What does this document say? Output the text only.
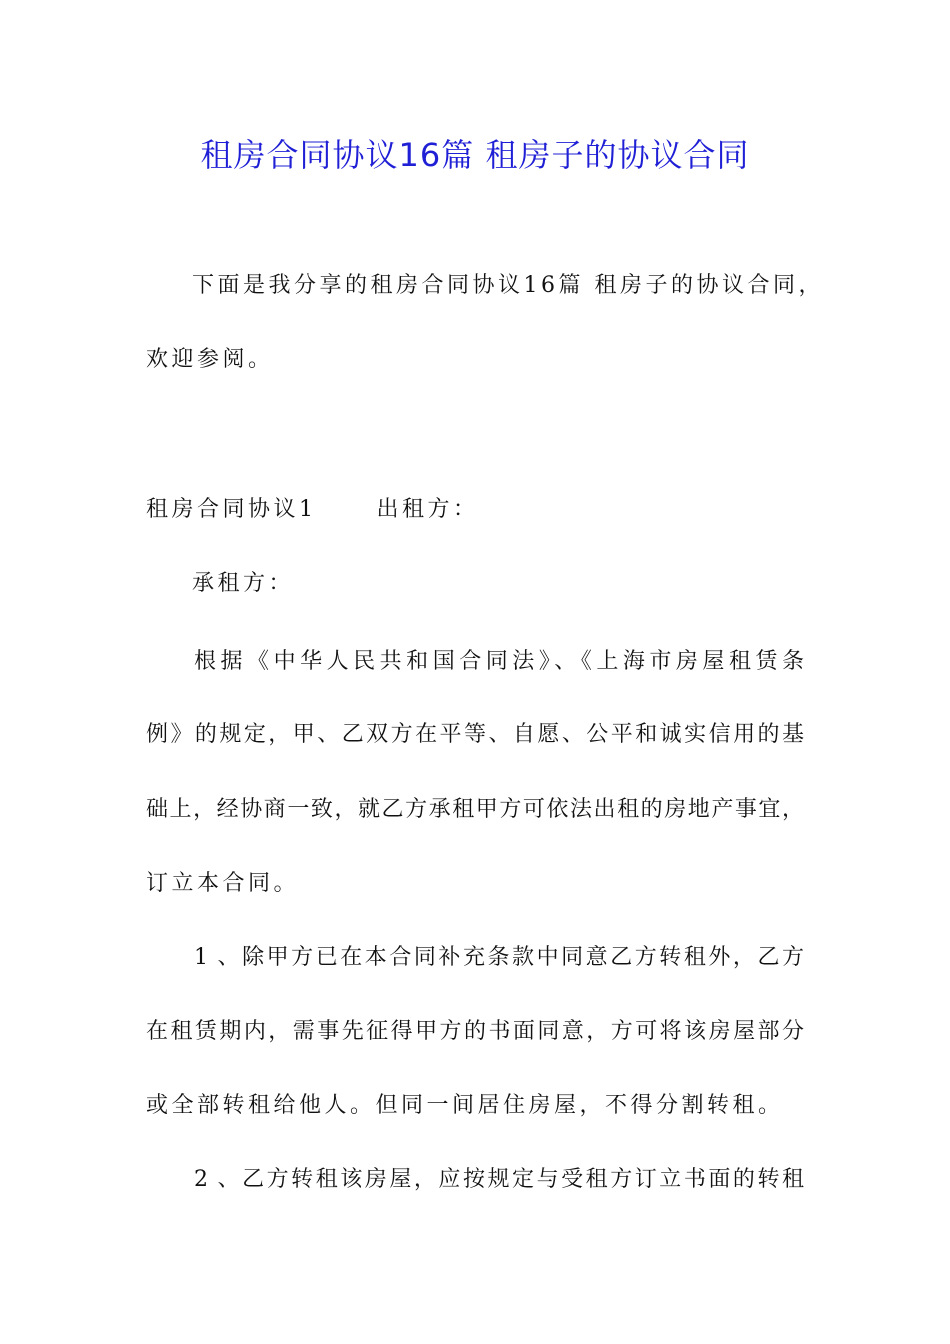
租房合同协议16篇 租房子的协议合同
下面是我分享的租房合同协议16篇 租房子的协议合同，
欢迎参阅。
租房合同协议1	出租方：
承租方：
根据《中华人民共和国合同法》、《上海市房屋租赁条
例》的规定，甲、乙双方在平等、自愿、公平和诚实信用的基
础上，经协商一致，就乙方承租甲方可依法出租的房地产事宜，
订立本合同。
1 、除甲方已在本合同补充条款中同意乙方转租外，乙方
在租赁期内，需事先征得甲方的书面同意，方可将该房屋部分
或全部转租给他人。但同一间居住房屋，不得分割转租。
2 、乙方转租该房屋，应按规定与受租方订立书面的转租
